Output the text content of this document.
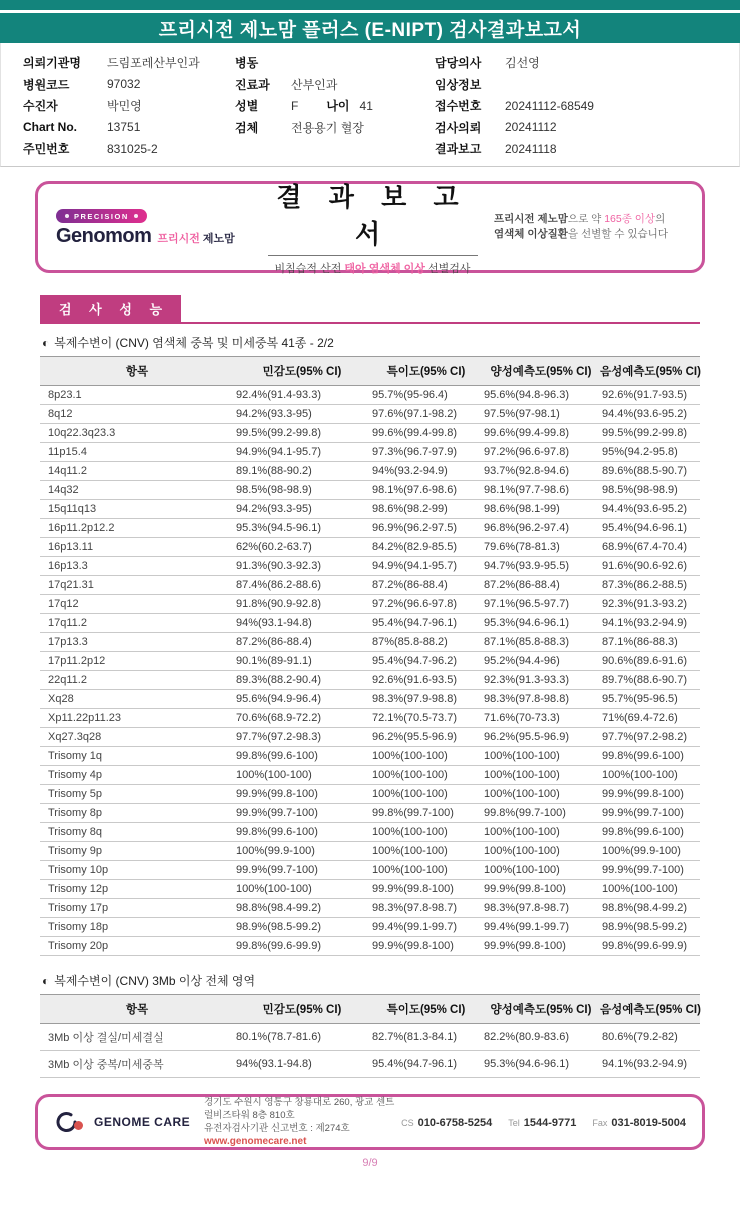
프리시전 제노맘 플러스 (E-NIPT) 검사결과보고서
의뢰기관명	드림포레산부인과
병원코드	97032
수진자	박민영
Chart No.	13751
주민번호	831025-2
병동
진료과	산부인과
성별	F 나이 41
검체	전용용기 혈장
담당의사	김선영
임상정보
접수번호	20241112-68549
검사의뢰	20241112
결과보고	20241118
PRECISION
Genomom 프리시전 제노맘
결 과 보 고 서
비침습적 산전 태아 염색체 이상 선별검사
프리시전 제노맘으로 약 165종 이상의
염색체 이상질환을 선별할 수 있습니다
검 사 성 능
◐ 복제수변이 (CNV) 염색체 중복 및 미세중복 41종 - 2/2
항목	민감도(95% CI)	특이도(95% CI)	양성예측도(95% CI)	음성예측도(95% CI)
8p23.1	92.4%(91.4-93.3)	95.7%(95-96.4)	95.6%(94.8-96.3)	92.6%(91.7-93.5)
8q12	94.2%(93.3-95)	97.6%(97.1-98.2)	97.5%(97-98.1)	94.4%(93.6-95.2)
10q22.3q23.3	99.5%(99.2-99.8)	99.6%(99.4-99.8)	99.6%(99.4-99.8)	99.5%(99.2-99.8)
11p15.4	94.9%(94.1-95.7)	97.3%(96.7-97.9)	97.2%(96.6-97.8)	95%(94.2-95.8)
14q11.2	89.1%(88-90.2)	94%(93.2-94.9)	93.7%(92.8-94.6)	89.6%(88.5-90.7)
14q32	98.5%(98-98.9)	98.1%(97.6-98.6)	98.1%(97.7-98.6)	98.5%(98-98.9)
15q11q13	94.2%(93.3-95)	98.6%(98.2-99)	98.6%(98.1-99)	94.4%(93.6-95.2)
16p11.2p12.2	95.3%(94.5-96.1)	96.9%(96.2-97.5)	96.8%(96.2-97.4)	95.4%(94.6-96.1)
16p13.11	62%(60.2-63.7)	84.2%(82.9-85.5)	79.6%(78-81.3)	68.9%(67.4-70.4)
16p13.3	91.3%(90.3-92.3)	94.9%(94.1-95.7)	94.7%(93.9-95.5)	91.6%(90.6-92.6)
17q21.31	87.4%(86.2-88.6)	87.2%(86-88.4)	87.2%(86-88.4)	87.3%(86.2-88.5)
17q12	91.8%(90.9-92.8)	97.2%(96.6-97.8)	97.1%(96.5-97.7)	92.3%(91.3-93.2)
17q11.2	94%(93.1-94.8)	95.4%(94.7-96.1)	95.3%(94.6-96.1)	94.1%(93.2-94.9)
17p13.3	87.2%(86-88.4)	87%(85.8-88.2)	87.1%(85.8-88.3)	87.1%(86-88.3)
17p11.2p12	90.1%(89-91.1)	95.4%(94.7-96.2)	95.2%(94.4-96)	90.6%(89.6-91.6)
22q11.2	89.3%(88.2-90.4)	92.6%(91.6-93.5)	92.3%(91.3-93.3)	89.7%(88.6-90.7)
Xq28	95.6%(94.9-96.4)	98.3%(97.9-98.8)	98.3%(97.8-98.8)	95.7%(95-96.5)
Xp11.22p11.23	70.6%(68.9-72.2)	72.1%(70.5-73.7)	71.6%(70-73.3)	71%(69.4-72.6)
Xq27.3q28	97.7%(97.2-98.3)	96.2%(95.5-96.9)	96.2%(95.5-96.9)	97.7%(97.2-98.2)
Trisomy 1q	99.8%(99.6-100)	100%(100-100)	100%(100-100)	99.8%(99.6-100)
Trisomy 4p	100%(100-100)	100%(100-100)	100%(100-100)	100%(100-100)
Trisomy 5p	99.9%(99.8-100)	100%(100-100)	100%(100-100)	99.9%(99.8-100)
Trisomy 8p	99.9%(99.7-100)	99.8%(99.7-100)	99.8%(99.7-100)	99.9%(99.7-100)
Trisomy 8q	99.8%(99.6-100)	100%(100-100)	100%(100-100)	99.8%(99.6-100)
Trisomy 9p	100%(99.9-100)	100%(100-100)	100%(100-100)	100%(99.9-100)
Trisomy 10p	99.9%(99.7-100)	100%(100-100)	100%(100-100)	99.9%(99.7-100)
Trisomy 12p	100%(100-100)	99.9%(99.8-100)	99.9%(99.8-100)	100%(100-100)
Trisomy 17p	98.8%(98.4-99.2)	98.3%(97.8-98.7)	98.3%(97.8-98.7)	98.8%(98.4-99.2)
Trisomy 18p	98.9%(98.5-99.2)	99.4%(99.1-99.7)	99.4%(99.1-99.7)	98.9%(98.5-99.2)
Trisomy 20p	99.8%(99.6-99.9)	99.9%(99.8-100)	99.9%(99.8-100)	99.8%(99.6-99.9)
◐ 복제수변이 (CNV) 3Mb 이상 전체 영역
항목	민감도(95% CI)	특이도(95% CI)	양성예측도(95% CI)	음성예측도(95% CI)
3Mb 이상 결실/미세결실	80.1%(78.7-81.6)	82.7%(81.3-84.1)	82.2%(80.9-83.6)	80.6%(79.2-82)
3Mb 이상 중복/미세중복	94%(93.1-94.8)	95.4%(94.7-96.1)	95.3%(94.6-96.1)	94.1%(93.2-94.9)
GENOME CARE
경기도 수원시 영통구 창룡대로 260, 광교 센트럴비즈타워 8층 810호
유전자검사기관 신고번호 : 제274호
www.genomecare.net
CS 010-6758-5254 Tel 1544-9771 Fax 031-8019-5004
9/9
